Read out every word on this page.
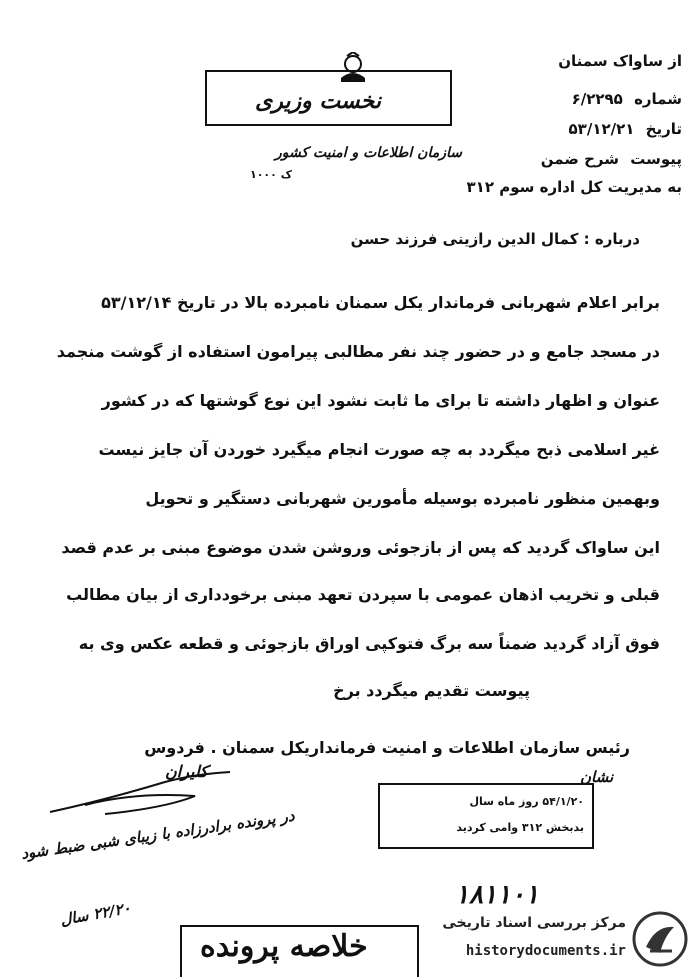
نخست وزیری
سازمان اطلاعات و امنیت کشور
ک ۱۰۰۰
از ساواک سمنان
شماره ۶/۲۲۹۵
تاریخ ۵۳/۱۲/۲۱
پیوست شرح ضمن
به مدیریت کل اداره سوم ۳۱۲
درباره : کمال الدین رازینی فرزند حسن
برابر اعلام شهربانی فرماندار یکل سمنان نامبرده بالا در تاریخ ۵۳/۱۲/۱۴
در مسجد جامع و در حضور چند نفر مطالبی پیرامون استفاده از گوشت منجمد
عنوان و اظهار داشته تا برای ما ثابت نشود این نوع گوشتها که در کشور
غیر اسلامی ذبح میگردد به چه صورت انجام میگیرد خوردن آن جایز نیست
وبهمین منظور نامبرده بوسیله مأمورین شهربانی دستگیر و تحویل
این ساواک گردید که پس از بازجوئی وروشن شدن موضوع مبنی بر عدم قصد
قبلی و تخریب اذهان عمومی با سپردن تعهد مبنی برخودداری از بیان مطالب
فوق آزاد گردید ضمناً سه برگ فتوکپی اوراق بازجوئی و قطعه عکس وی به
پیوست تقدیم میگردد برخ
رئیس سازمان اطلاعات و امنیت فرمانداریکل سمنان . فردوس
نشان
کلیران
۵۴/۱/۲۰ روز ماه سال
بدبخش ۳۱۲ وامی کردید
در پرونده برادرزاده با زیبای شبی ضبط شود
۲۲/۲۰ سال
۱۸۱۱۰۱
خلاصه پرونده
مرکز بررسی اسناد تاریخی
historydocuments.ir
